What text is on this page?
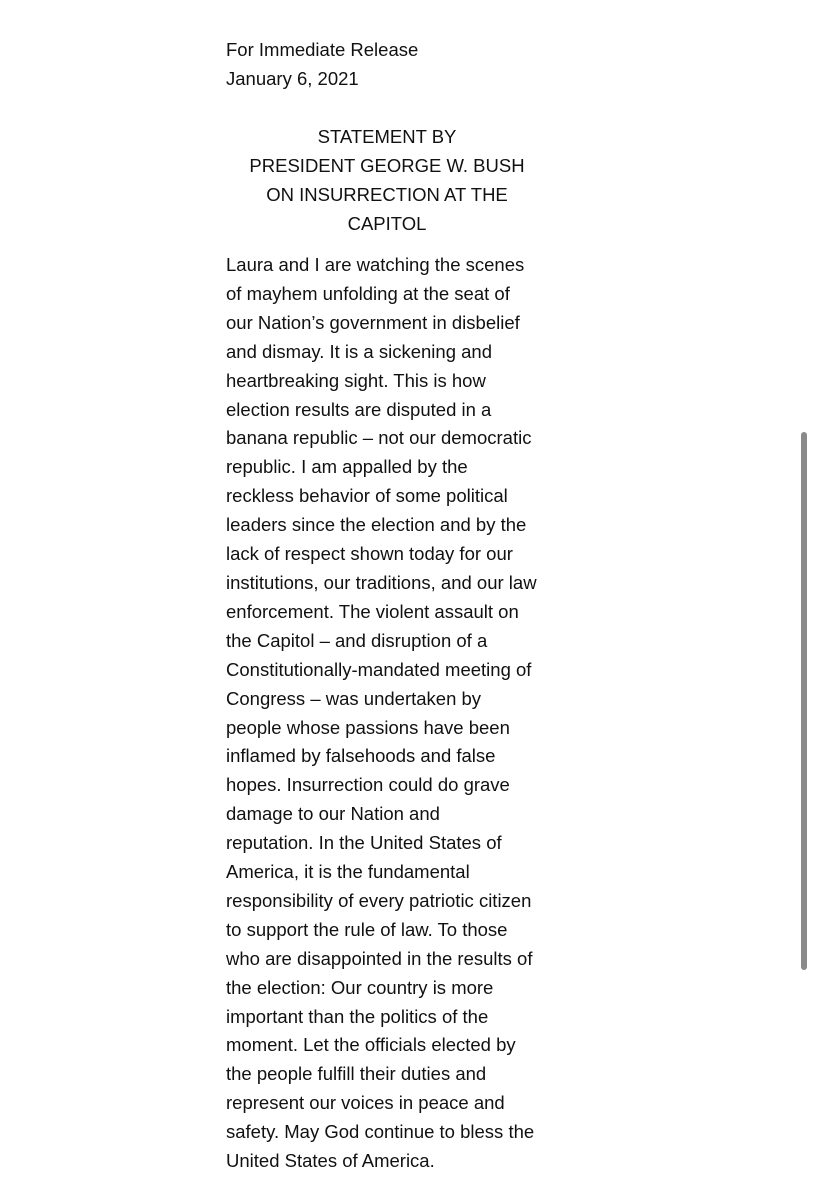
For Immediate Release
January 6, 2021
STATEMENT BY
PRESIDENT GEORGE W. BUSH
ON INSURRECTION AT THE
CAPITOL
Laura and I are watching the scenes
of mayhem unfolding at the seat of
our Nation’s government in disbelief
and dismay. It is a sickening and
heartbreaking sight. This is how
election results are disputed in a
banana republic – not our democratic
republic. I am appalled by the
reckless behavior of some political
leaders since the election and by the
lack of respect shown today for our
institutions, our traditions, and our law
enforcement. The violent assault on
the Capitol – and disruption of a
Constitutionally-mandated meeting of
Congress – was undertaken by
people whose passions have been
inflamed by falsehoods and false
hopes. Insurrection could do grave
damage to our Nation and
reputation. In the United States of
America, it is the fundamental
responsibility of every patriotic citizen
to support the rule of law. To those
who are disappointed in the results of
the election: Our country is more
important than the politics of the
moment. Let the officials elected by
the people fulfill their duties and
represent our voices in peace and
safety. May God continue to bless the
United States of America.
